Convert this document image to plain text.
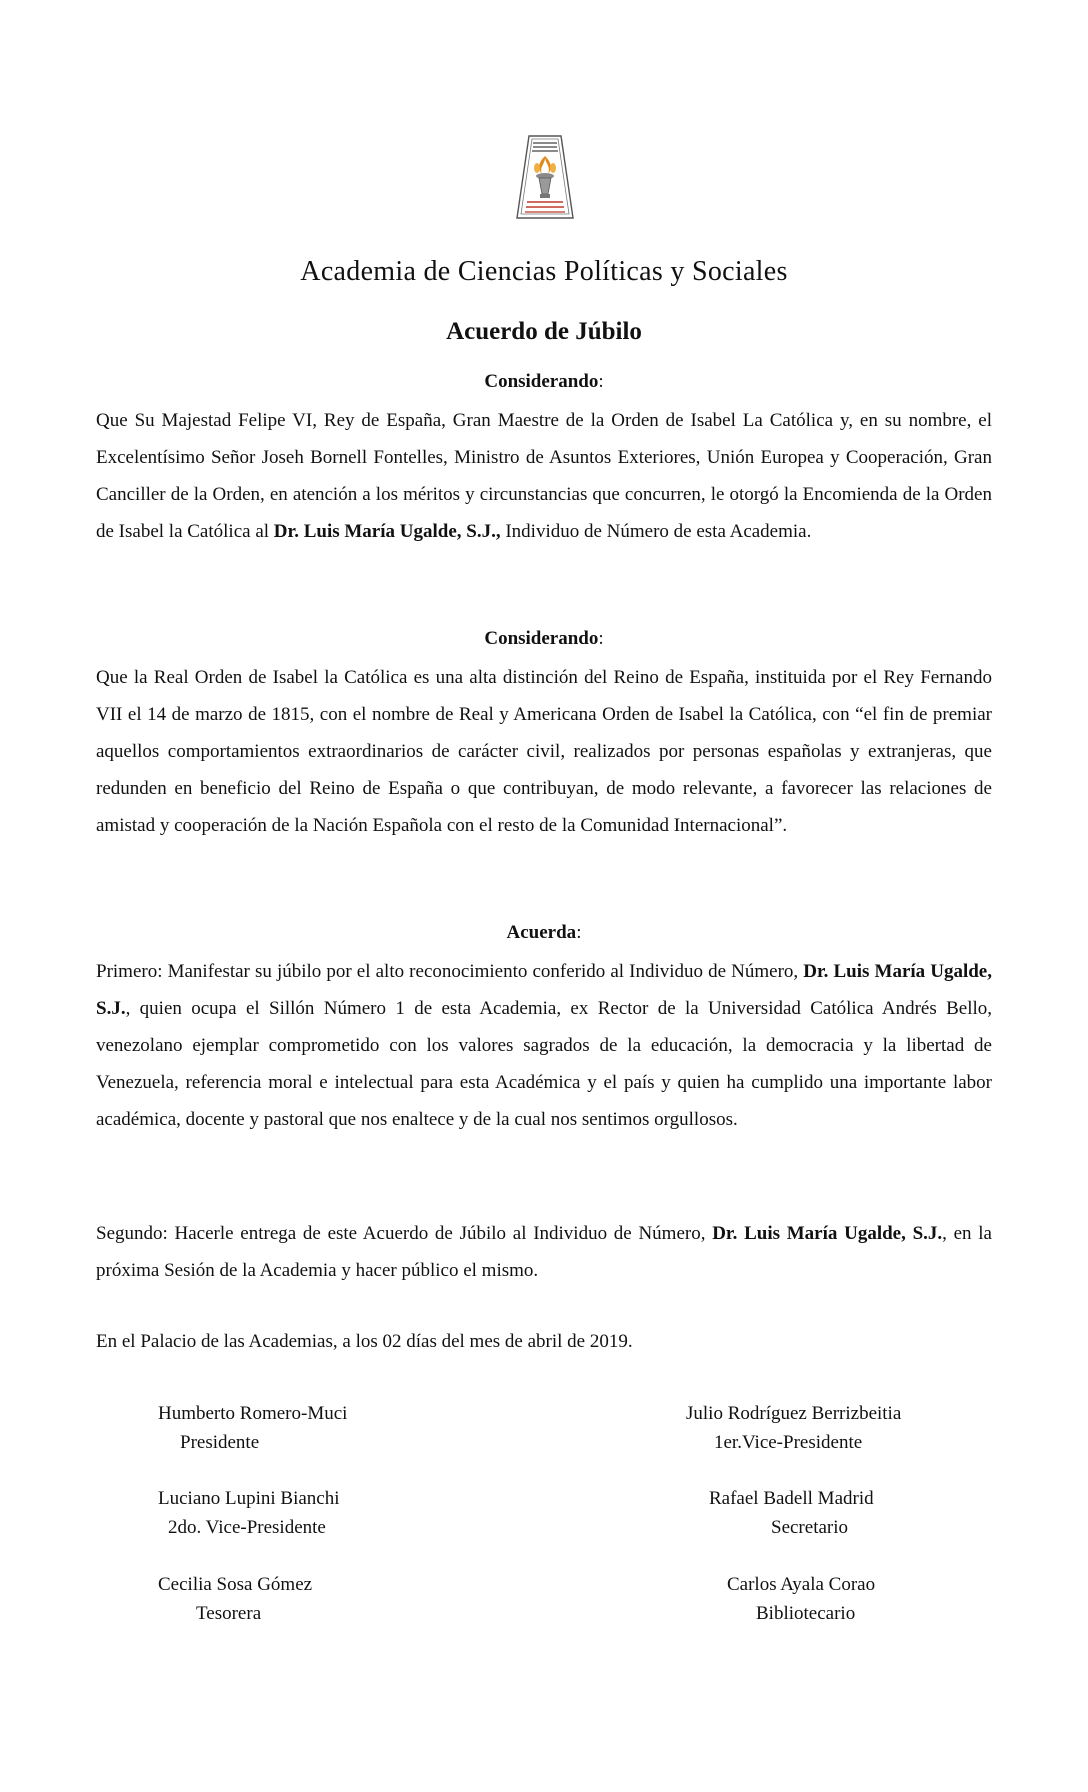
Academia de Ciencias Políticas y Sociales
Acuerdo de Júbilo
Considerando:
Que Su Majestad Felipe VI, Rey de España, Gran Maestre de la Orden de Isabel La Católica y, en su nombre, el Excelentísimo Señor Joseh Bornell Fontelles, Ministro de Asuntos Exteriores, Unión Europea y Cooperación, Gran Canciller de la Orden, en atención a los méritos y circunstancias que concurren, le otorgó la Encomienda de la Orden de Isabel la Católica al Dr. Luis María Ugalde, S.J., Individuo de Número de esta Academia.
Considerando:
Que la Real Orden de Isabel la Católica es una alta distinción del Reino de España, instituida por el Rey Fernando VII el 14 de marzo de 1815, con el nombre de Real y Americana Orden de Isabel la Católica, con “el fin de premiar aquellos comportamientos extraordinarios de carácter civil, realizados por personas españolas y extranjeras, que redunden en beneficio del Reino de España o que contribuyan, de modo relevante, a favorecer las relaciones de amistad y cooperación de la Nación Española con el resto de la Comunidad Internacional”.
Acuerda:
Primero: Manifestar su júbilo por el alto reconocimiento conferido al Individuo de Número, Dr. Luis María Ugalde, S.J., quien ocupa el Sillón Número 1 de esta Academia, ex Rector de la Universidad Católica Andrés Bello, venezolano ejemplar comprometido con los valores sagrados de la educación, la democracia y la libertad de Venezuela, referencia moral e intelectual para esta Académica y el país y quien ha cumplido una importante labor académica, docente y pastoral que nos enaltece y de la cual nos sentimos orgullosos.
Segundo: Hacerle entrega de este Acuerdo de Júbilo al Individuo de Número, Dr. Luis María Ugalde, S.J., en la próxima Sesión de la Academia y hacer público el mismo.
En el Palacio de las Academias, a los 02 días del mes de abril de 2019.
Humberto Romero-Muci
Presidente
Julio Rodríguez Berrizbeitia
1er.Vice-Presidente
Luciano Lupini Bianchi
2do. Vice-Presidente
Rafael Badell Madrid
Secretario
Cecilia Sosa Gómez
Tesorera
Carlos Ayala Corao
Bibliotecario
